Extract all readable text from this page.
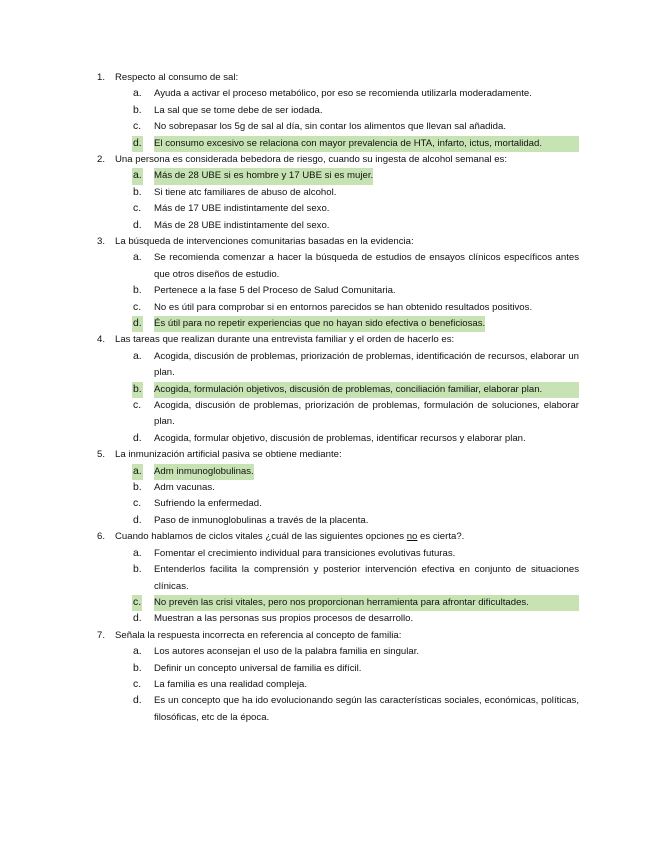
1.	Respecto al consumo de sal:
a. Ayuda a activar el proceso metabólico, por eso se recomienda utilizarla moderadamente.
b. La sal que se tome debe de ser iodada.
c. No sobrepasar los 5g de sal al día, sin contar los alimentos que llevan sal añadida.
d. El consumo excesivo se relaciona con mayor prevalencia de HTA, infarto, ictus, mortalidad.
2.	Una persona es considerada bebedora de riesgo, cuando su ingesta de alcohol semanal es:
a. Más de 28 UBE si es hombre y 17 UBE si es mujer.
b. Si tiene atc familiares de abuso de alcohol.
c. Más de 17 UBE indistintamente del sexo.
d. Más de 28 UBE indistintamente del sexo.
3.	La búsqueda de intervenciones comunitarias basadas en la evidencia:
a. Se recomienda comenzar a hacer la búsqueda de estudios de ensayos clínicos específicos antes que otros diseños de estudio.
b. Pertenece a la fase 5 del Proceso de Salud Comunitaria.
c. No es útil para comprobar si en entornos parecidos se han obtenido resultados positivos.
d. És útil para no repetir experiencias que no hayan sido efectiva o beneficiosas.
4.	Las tareas que realizan durante una entrevista familiar y el orden de hacerlo es:
a. Acogida, discusión de problemas, priorización de problemas, identificación de recursos, elaborar un plan.
b. Acogida, formulación objetivos, discusión de problemas, conciliación familiar, elaborar plan.
c. Acogida, discusión de problemas, priorización de problemas, formulación de soluciones, elaborar plan.
d. Acogida, formular objetivo, discusión de problemas, identificar recursos y elaborar plan.
5.	La inmunización artificial pasiva se obtiene mediante:
a. Adm inmunoglobulinas.
b. Adm vacunas.
c. Sufriendo la enfermedad.
d. Paso de inmunoglobulinas a través de la placenta.
6.	Cuando hablamos de ciclos vitales ¿cuál de las siguientes opciones no es cierta?.
a. Fomentar el crecimiento individual para transiciones evolutivas futuras.
b. Entenderlos facilita la comprensión y posterior intervención efectiva en conjunto de situaciones clínicas.
c. No prevén las crisi vitales, pero nos proporcionan herramienta para afrontar dificultades.
d. Muestran a las personas sus propios procesos de desarrollo.
7.	Señala la respuesta incorrecta en referencia al concepto de familia:
a. Los autores aconsejan el uso de la palabra familia en singular.
b. Definir un concepto universal de familia es difícil.
c. La familia es una realidad compleja.
d. Es un concepto que ha ido evolucionando según las características sociales, económicas, políticas, filosóficas, etc de la época.
